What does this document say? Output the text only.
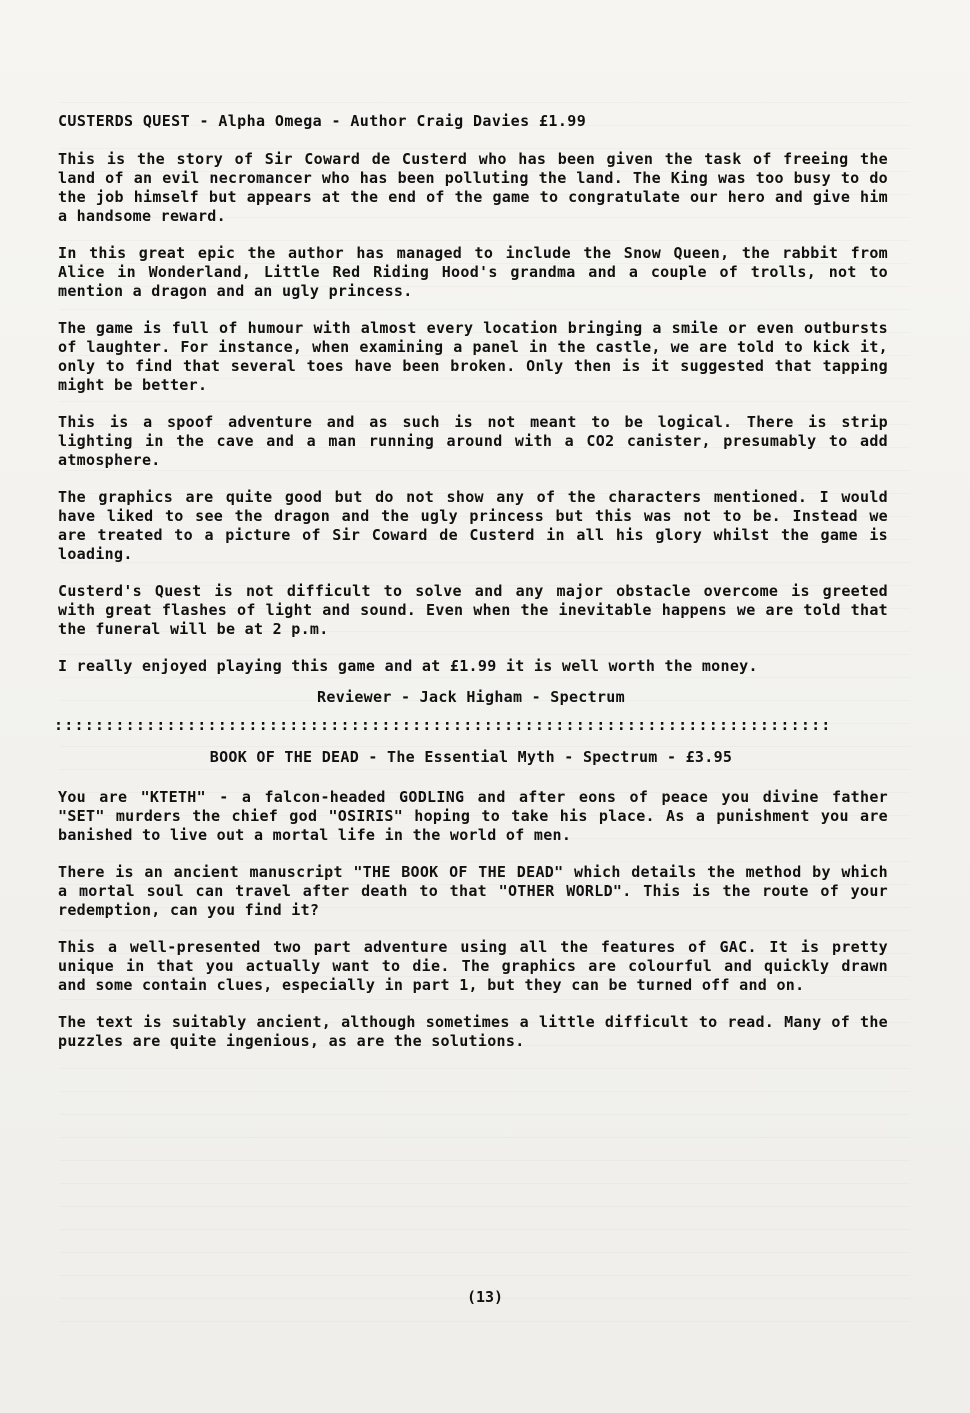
CUSTERDS QUEST - Alpha Omega - Author Craig Davies £1.99

This is the story of Sir Coward de Custerd who has been given the task of freeing the land of an evil necromancer who has been polluting the land. The King was too busy to do the job himself but appears at the end of the game to congratulate our hero and give him a handsome reward.

In this great epic the author has managed to include the Snow Queen, the rabbit from Alice in Wonderland, Little Red Riding Hood's grandma and a couple of trolls, not to mention a dragon and an ugly princess.

The game is full of humour with almost every location bringing a smile or even outbursts of laughter. For instance, when examining a panel in the castle, we are told to kick it, only to find that several toes have been broken. Only then is it suggested that tapping might be better.

This is a spoof adventure and as such is not meant to be logical. There is strip lighting in the cave and a man running around with a CO2 canister, presumably to add atmosphere.

The graphics are quite good but do not show any of the characters mentioned. I would have liked to see the dragon and the ugly princess but this was not to be. Instead we are treated to a picture of Sir Coward de Custerd in all his glory whilst the game is loading.

Custerd's Quest is not difficult to solve and any major obstacle overcome is greeted with great flashes of light and sound. Even when the inevitable happens we are told that the funeral will be at 2 p.m.

I really enjoyed playing this game and at £1.99 it is well worth the money.

Reviewer - Jack Higham - Spectrum
::::::::::::::::::::::::::::::::::::::::::::::::::::::::::::::::::::::::::::
BOOK OF THE DEAD - The Essential Myth - Spectrum - £3.95

You are "KTETH" - a falcon-headed GODLING and after eons of peace you divine father "SET" murders the chief god "OSIRIS" hoping to take his place. As a punishment you are banished to live out a mortal life in the world of men.

There is an ancient manuscript "THE BOOK OF THE DEAD" which details the method by which a mortal soul can travel after death to that "OTHER WORLD". This is the route of your redemption, can you find it?

This a well-presented two part adventure using all the features of GAC. It is pretty unique in that you actually want to die. The graphics are colourful and quickly drawn and some contain clues, especially in part 1, but they can be turned off and on.

The text is suitably ancient, although sometimes a little difficult to read. Many of the puzzles are quite ingenious, as are the solutions.

(13)
